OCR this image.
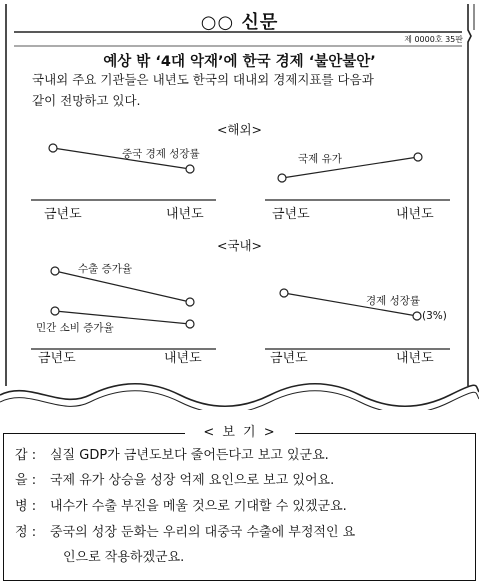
○○ 신문
제 0000호 35판
예상 밖 ‘4대 악재’에 한국 경제 ‘불안불안’
국내외 주요 기관들은 내년도 한국의 대내외 경제지표를 다음과
같이 전망하고 있다.
<해외>
<국내>
중국 경제 성장률
금년도	내년도
국제 유가
금년도	내년도
수출 증가율
민간 소비 증가율
금년도	내년도
경제 성장률
(3%)
금년도	내년도
< 보 기 >
갑 : 실질 GDP가 금년도보다 줄어든다고 보고 있군요.
을 : 국제 유가 상승을 성장 억제 요인으로 보고 있어요.
병 : 내수가 수출 부진을 메울 것으로 기대할 수 있겠군요.
정 : 중국의 성장 둔화는 우리의 대중국 수출에 부정적인 요
인으로 작용하겠군요.
